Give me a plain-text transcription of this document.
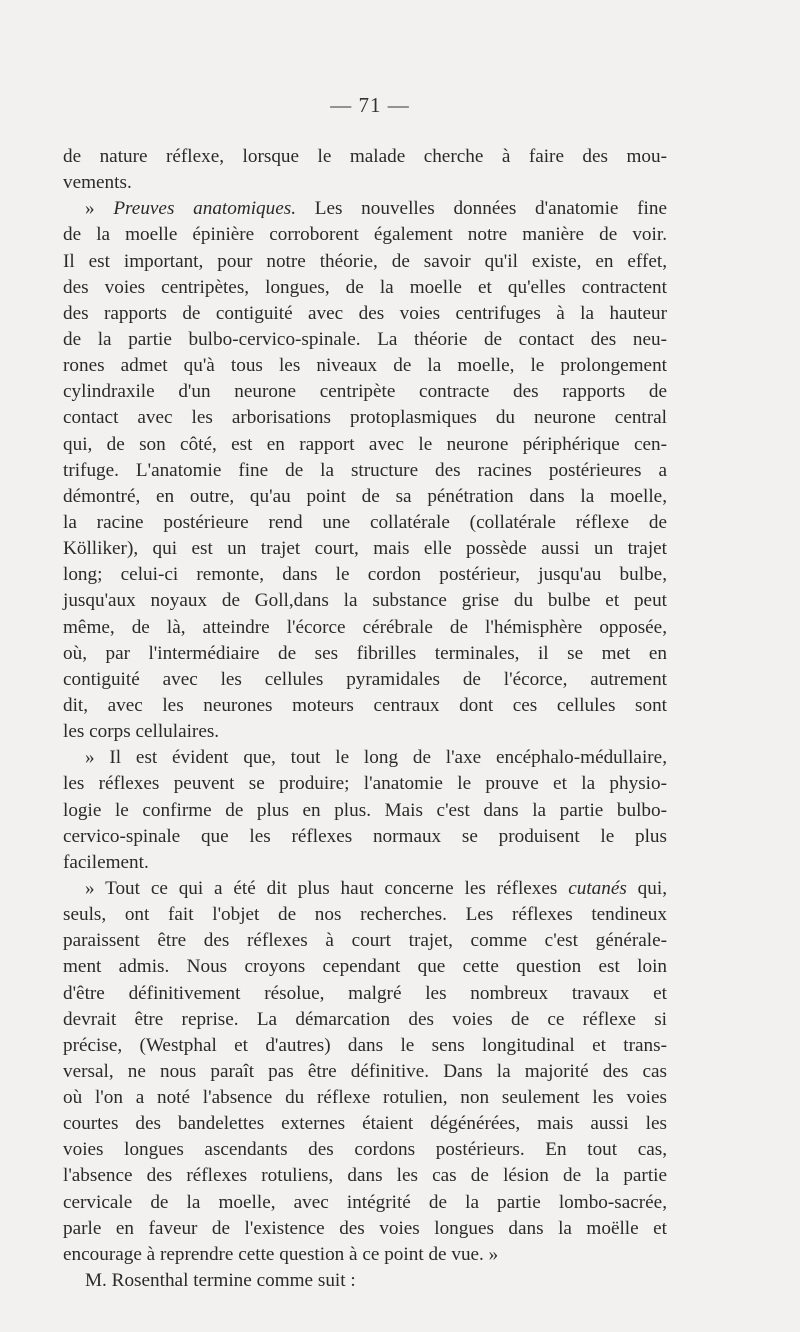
— 71 —
de nature réflexe, lorsque le malade cherche à faire des mou-
vements.
» Preuves anatomiques. Les nouvelles données d'anatomie fine
de la moelle épinière corroborent également notre manière de voir.
Il est important, pour notre théorie, de savoir qu'il existe, en effet,
des voies centripètes, longues, de la moelle et qu'elles contractent
des rapports de contiguité avec des voies centrifuges à la hauteur
de la partie bulbo-cervico-spinale. La théorie de contact des neu-
rones admet qu'à tous les niveaux de la moelle, le prolongement
cylindraxile d'un neurone centripète contracte des rapports de
contact avec les arborisations protoplasmiques du neurone central
qui, de son côté, est en rapport avec le neurone périphérique cen-
trifuge. L'anatomie fine de la structure des racines postérieures a
démontré, en outre, qu'au point de sa pénétration dans la moelle,
la racine postérieure rend une collatérale (collatérale réflexe de
Kölliker), qui est un trajet court, mais elle possède aussi un trajet
long; celui-ci remonte, dans le cordon postérieur, jusqu'au bulbe,
jusqu'aux noyaux de Goll,dans la substance grise du bulbe et peut
même, de là, atteindre l'écorce cérébrale de l'hémisphère opposée,
où, par l'intermédiaire de ses fibrilles terminales, il se met en
contiguité avec les cellules pyramidales de l'écorce, autrement
dit, avec les neurones moteurs centraux dont ces cellules sont
les corps cellulaires.
» Il est évident que, tout le long de l'axe encéphalo-médullaire,
les réflexes peuvent se produire; l'anatomie le prouve et la physio-
logie le confirme de plus en plus. Mais c'est dans la partie bulbo-
cervico-spinale que les réflexes normaux se produisent le plus
facilement.
» Tout ce qui a été dit plus haut concerne les réflexes cutanés qui,
seuls, ont fait l'objet de nos recherches. Les réflexes tendineux
paraissent être des réflexes à court trajet, comme c'est générale-
ment admis. Nous croyons cependant que cette question est loin
d'être définitivement résolue, malgré les nombreux travaux et
devrait être reprise. La démarcation des voies de ce réflexe si
précise, (Westphal et d'autres) dans le sens longitudinal et trans-
versal, ne nous paraît pas être définitive. Dans la majorité des cas
où l'on a noté l'absence du réflexe rotulien, non seulement les voies
courtes des bandelettes externes étaient dégénérées, mais aussi les
voies longues ascendants des cordons postérieurs. En tout cas,
l'absence des réflexes rotuliens, dans les cas de lésion de la partie
cervicale de la moelle, avec intégrité de la partie lombo-sacrée,
parle en faveur de l'existence des voies longues dans la moëlle et
encourage à reprendre cette question à ce point de vue. »
M. Rosenthal termine comme suit :
